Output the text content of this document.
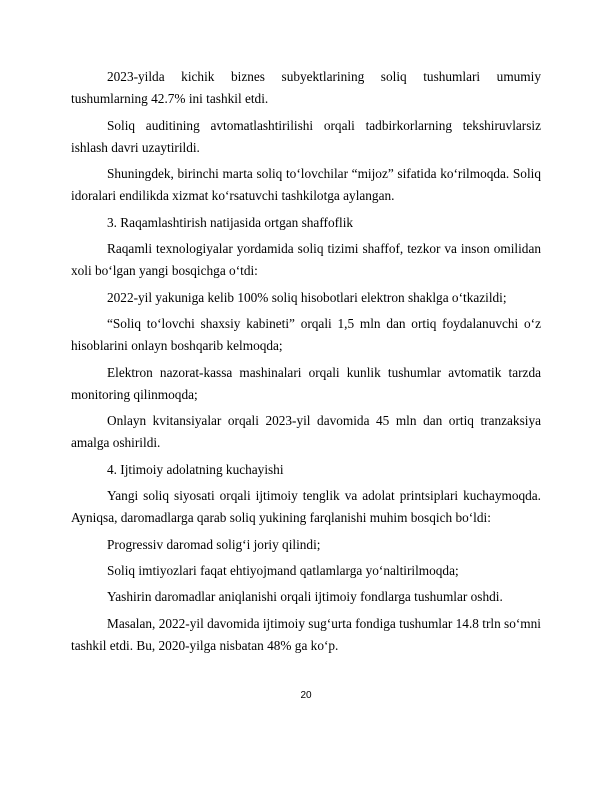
2023-yilda kichik biznes subyektlarining soliq tushumlari umumiy tushumlarning 42.7% ini tashkil etdi.

Soliq auditining avtomatlashtirilishi orqali tadbirkorlarning tekshiruvlarsiz ishlash davri uzaytirildi.

Shuningdek, birinchi marta soliq to‘lovchilar “mijoz” sifatida ko‘rilmoqda. Soliq idoralari endilikda xizmat ko‘rsatuvchi tashkilotga aylangan.

3. Raqamlashtirish natijasida ortgan shaffoflik

Raqamli texnologiyalar yordamida soliq tizimi shaffof, tezkor va inson omilidan xoli bo‘lgan yangi bosqichga o‘tdi:

2022-yil yakuniga kelib 100% soliq hisobotlari elektron shaklga o‘tkazildi;

“Soliq to‘lovchi shaxsiy kabineti” orqali 1,5 mln dan ortiq foydalanuvchi o‘z hisoblarini onlayn boshqarib kelmoqda;

Elektron nazorat-kassa mashinalari orqali kunlik tushumlar avtomatik tarzda monitoring qilinmoqda;

Onlayn kvitansiyalar orqali 2023-yil davomida 45 mln dan ortiq tranzaksiya amalga oshirildi.

4. Ijtimoiy adolatning kuchayishi

Yangi soliq siyosati orqali ijtimoiy tenglik va adolat printsiplari kuchaymoqda. Ayniqsa, daromadlarga qarab soliq yukining farqlanishi muhim bosqich bo‘ldi:

Progressiv daromad solig‘i joriy qilindi;

Soliq imtiyozlari faqat ehtiyojmand qatlamlarga yo‘naltirilmoqda;

Yashirin daromadlar aniqlanishi orqali ijtimoiy fondlarga tushumlar oshdi.

Masalan, 2022-yil davomida ijtimoiy sug‘urta fondiga tushumlar 14.8 trln so‘mni tashkil etdi. Bu, 2020-yilga nisbatan 48% ga ko‘p.

20
